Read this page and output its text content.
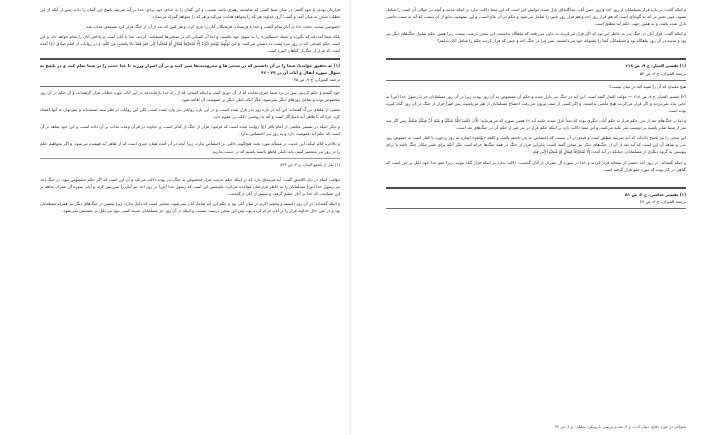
و اینکه گفت: در باره قرار مسلمانان از روز احد و روز حنین آیات جداگانه‌ای نازل شده جوابش این است که این معنا دلالت ندارد بر اینکه مدینه و آنچه در حوالی آن است را شامل نشود، چون تعبیر در آیه به گونه‌ای است که هم فرار روز احد و هم فرار روز حنین را شامل می‌شود و حکم در آن عام است، و این عمومیت مانع از آن نیست که آیه به سبب خاصی نازل شده باشد، و به همین جهت حکم آیه مطلق است.

و اینکه گفت: فرار آنان در جنگ بدر به خاطر این بود که اگر فرار می‌کردند به جایی می‌رفتند که پناهگاه نداشتند، این سخن درست نیست زیرا همین حکم شامل جنگ‌های دیگر نیز بود و مدینه در آن روز پناهگاه بود و مسلمانان آنجا را پشتوانه خود می‌دانستند، پس چرا در جنگ احد و حنین که فرار کردند حکم را شامل آنان ندانیم؟

(۱) تفسیر المنار، ج ۹، ص ۶۱۸
ترجمه المیزان، ج ۹، ص ۵۳

هیچ مقیدی که آن را تقیید کند در میان نیست؟

(۲) تفسیر المنار، ج ۹، ص ۶۱۸ — مؤلف المنار گفته است: این آیه در جنگ بدر نازل شده و حکم آن مخصوص به آن روز بوده، زیرا در آن روز مسلمانان جز با رسول خدا (ص) به جایی پناه نمی‌بردند و اگر فرار می‌کردند هیچ مأمنی نداشتند، و اگر کسی از صف بیرون می‌رفت اجتماع مسلمانان از هم می‌پاشید، پس قهراً فرار از جنگ در آن روز گناه کبیره بوده است.

و اما در جنگ‌های بعد از بدر، حکم فرار به حکم آیات دیگری بوده که بعداً نازل شده، مانند آیه ۶۶ همین سوره که می‌فرماید: الْآنَ خَفَّفَ اللَّهُ عَنکُمْ وَ عَلِمَ أَنَّ فِیکُمْ ضَعْفاً، پس اگر صد نفر از شما صابر باشند بر دویست نفر غلبه می‌کنند، و این معنا دلالت دارد بر اینکه حکم فرار در بدر غیر از حکم آن در جنگ‌های بعد است.

این سخن را نیز پاسخ داده‌اند که آیه شریفه مطلق است و قیدی در آن نیست که اختصاص به بدر داشته باشد، و کلمه «یَوْمَئِذٍ» اشاره به روز برخورد با کفار است نه خصوص روز بدر، و شاهد آن این است که آیه بعد از آن از جنگ‌های دیگر نیز سخن گفته است، بنابراین فرار از جنگ در همه جنگ‌ها حرام است مگر آنکه برای تغییر مکان جنگ باشد یا برای پیوستن به گروه دیگری از مسلمانان، چنانکه در آیه آمده: إِلَّا مُتَحَرِّفاً لِقِتَالٍ أَوْ مُتَحَيِّزاً إِلَى فِئَةٍ.

و اینکه گفته‌اند: در روز احد جمعی از صحابه فرار کردند و خدا در سوره آل عمران از آنان گذشت، دلالت ندارد بر اینکه فرار گناه نبوده، زیرا عفو خدا خود دلیل بر این است که گناهی در کار بوده که مورد عفو قرار گرفته است.

(۱) تفسیر عیاشی، ج ۲، ص ۵۱
ترجمه المیزان، ج ۹، ص ۷۷
تحولاتی در حوزه دفاع، دیوان ادب، ج ۹، نقد و بررسی با رویکرد تحلیلی، ج ۴، ص ۷۷

فرارتان بودم، با خود گفتم: در میان شما کسی که شایسته رهبری باشد نیست، و این گمان را به خدای خود بردم، خدا در آیه شریفه پاسخ این گمان را داده، پس از آنکه از این مطلب سخن به میان آمد، و گفت: آری خداوند هر که را بخواهد هدایت می‌کند و هر که را بخواهد گمراه می‌سازد.

خصوصی شدید، حجت خدا بر آنان تمام گشت و خدا با فرستادن فرشتگان آنان را یاری کرد، و هر کس که بعد از آن از جنگ فرار کرد مستحق عذاب شد.

بلکه شما آمده‌اید که بگیرید و جمله «سنگینی» را به سوی خود بکشید، و اما آن کسانی که در سختی‌ها استقامت کردند، خدا با آنان است و پاداش آنان را تمام خواهد داد، و این است حکم کسانی که در روز نبرد پشت به دشمن می‌کنند: وَ مَن یُوَلِّهِمْ یَوْمَئِذٍ دُبُرَهُ إِلَّا مُتَحَرِّفاً لِقِتَالٍ أَوْ مُتَحَيِّزاً إِلَى فِئَةٍ فَقَدْ بَاءَ بِغَضَبٍ مِنَ اللَّهِ، و در روایات از امام صادق (ع) آمده است که فرار از جنگ از گناهان کبیره است.

(۱) نه تحقیق خواندیا، شما را بر آن داشتیم که در سختی‌ها و محرومیت‌ها صبر کنید و بر آن اصرار ورزید تا خدا حجت را بر شما تمام کند، و در پاسخ به سؤال سوره انفال و آیات آن در ۲۴ - ۴۶
ترجمه المیزان، ج ۹، ص ۷۵

خود گفتیم و حکم کردیم، پس در نزد شما چیزی نمانده که از آن دوری کنید، و اینکه کسانی که از راه خدا بازمانده‌اند در این آیات مورد خطاب قرار گرفته‌اند، و آن حکم در آن روز مخصوص بوده و شامل روزهای دیگر نمی‌شود، مگر آنکه دلیلی دیگر بر عمومیت آن اقامه شود.

بعضی از علمای بزرگ گفته‌اند: این آیه در باره روز بدر نازل شده است، و در این باره روایاتی نیز وارد شده است، لکن این روایات از نظر سند ضعیف‌اند و نمی‌توان به آنها اعتماد کرد، چرا که با ظاهر آیه ناسازگار است و آیه به روشنی دلالت بر عموم دارد.

و دیگر اینکه در تفسیر عیاشی از امام باقر (ع) روایت شده است که فرمود: فرار از جنگ از کبائر است، و خداوند در قرآن وعده عذاب بر آن داده است، و این خود شاهد بر آن است که حکم آیه عمومیت دارد و به روز بدر اختصاص ندارد.

و بالاخره کلام اینکه، این حدیث در مسأله مورد بحث هیچ‌گونه دلالتی بر اختصاص ندارد، زیرا آنچه در آن آمده همان چیزی است که از ظاهر آیه فهمیده می‌شود، و اگر بخواهیم حکم را در روز بدر منحصر کنیم، باید دلیلی قاطع داشته باشیم که در دست نداریم.

(۱) نقل از مجمع البیان، ج ۴، ص ۵۳۴

مؤلف: اینکه در ذیل کلامش گفت: آیه قرینه‌ای دارد که بر اینکه حکم حرمت فرار مخصوص به جنگ بدر بوده دلالت می‌کند و آن این است که اگر حکم مخصوص نبود، در جنگ احد نیز رسول خدا (ص) مسلمانان را به خاطر فرارشان مؤاخذه می‌کرد، پاسخش این است که رسول خدا (ص) در روز احد نیز آنان را سرزنش کرد، و آیات سوره آل عمران شاهد بر این معناست که خدا بر آنان خشم گرفت و سپس از آنان درگذشت.

و اینکه گفته‌اند: در آن روز دانسته و پیغمبر اکرم در میان آنان بود و حکم این آیه شامل آنان نمی‌شود، سخنی است که دلیل ندارد، زیرا پیغمبر در جنگ‌های دیگر نیز همراه مسلمانان بود و در عین حال خداوند فرار را بر آنان حرام کرده بود، پس این سخن درست نیست، و اینکه در آن روز جز مسلمانان مدینه کسی نبود نیز دلیل بر تخصیص نمی‌شود.
